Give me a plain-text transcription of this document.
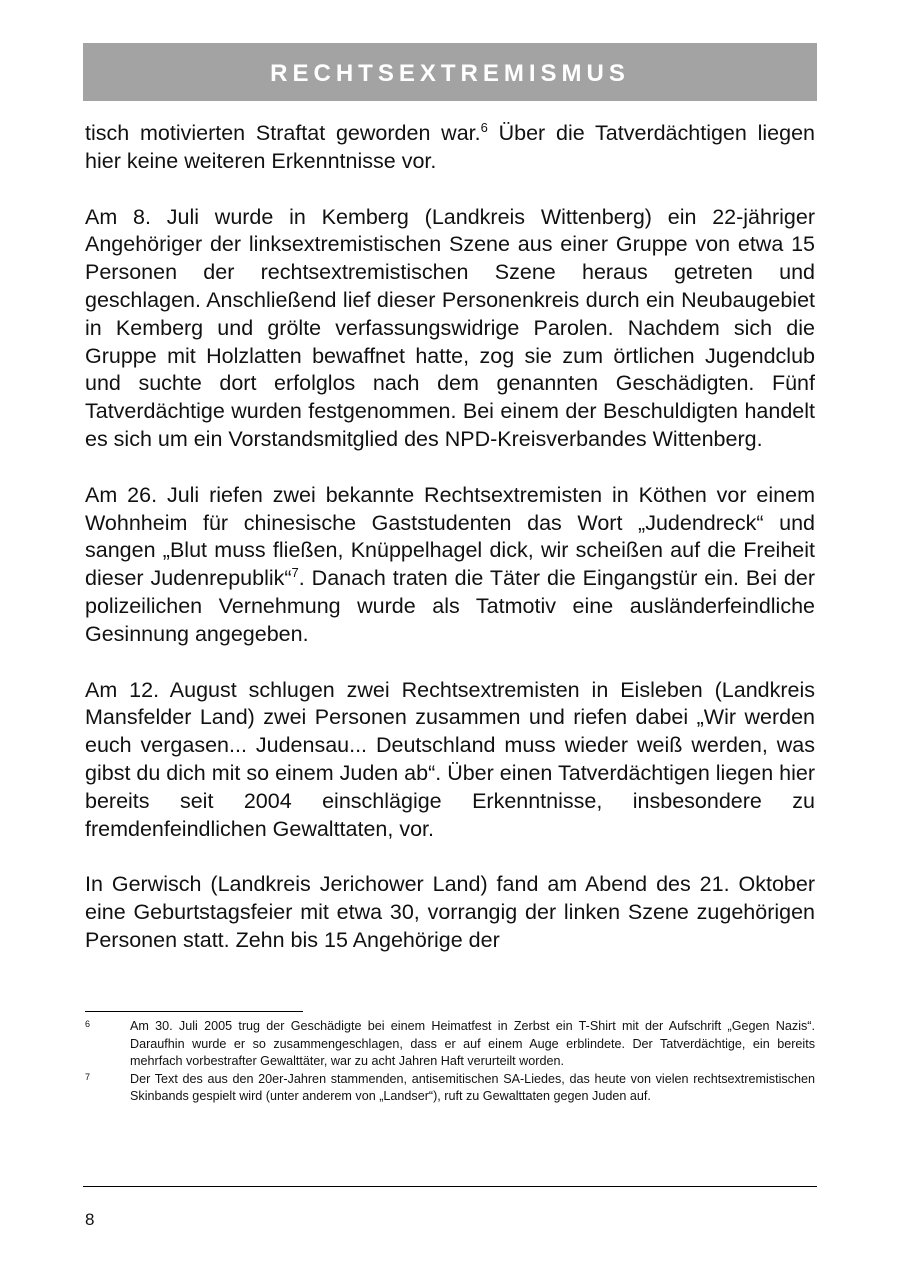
RECHTSEXTREMISMUS

tisch motivierten Straftat geworden war.$^6$ Über die Tatverdächtigen liegen hier keine weiteren Erkenntnisse vor.

Am 8. Juli wurde in Kemberg (Landkreis Wittenberg) ein 22-jähriger Angehöriger der linksextremistischen Szene aus einer Gruppe von etwa 15 Personen der rechtsextremistischen Szene heraus getreten und geschlagen. Anschließend lief dieser Personenkreis durch ein Neubaugebiet in Kemberg und grölte verfassungswidrige Parolen. Nachdem sich die Gruppe mit Holzlatten bewaffnet hatte, zog sie zum örtlichen Jugendclub und suchte dort erfolglos nach dem genannten Geschädigten. Fünf Tatverdächtige wurden festgenommen. Bei einem der Beschuldigten handelt es sich um ein Vorstandsmitglied des NPD-Kreisverbandes Wittenberg.

Am 26. Juli riefen zwei bekannte Rechtsextremisten in Köthen vor einem Wohnheim für chinesische Gaststudenten das Wort „Judendreck“ und sangen „Blut muss fließen, Knüppelhagel dick, wir scheißen auf die Freiheit dieser Judenrepublik“$^7$. Danach traten die Täter die Eingangstür ein. Bei der polizeilichen Vernehmung wurde als Tatmotiv eine ausländerfeindliche Gesinnung angegeben.

Am 12. August schlugen zwei Rechtsextremisten in Eisleben (Landkreis Mansfelder Land) zwei Personen zusammen und riefen dabei „Wir werden euch vergasen... Judensau... Deutschland muss wieder weiß werden, was gibst du dich mit so einem Juden ab“. Über einen Tatverdächtigen liegen hier bereits seit 2004 einschlägige Erkenntnisse, insbesondere zu fremdenfeindlichen Gewalttaten, vor.

In Gerwisch (Landkreis Jerichower Land) fand am Abend des 21. Oktober eine Geburtstagsfeier mit etwa 30, vorrangig der linken Szene zugehörigen Personen statt. Zehn bis 15 Angehörige der

6	Am 30. Juli 2005 trug der Geschädigte bei einem Heimatfest in Zerbst ein T-Shirt mit der Aufschrift „Gegen Nazis“. Daraufhin wurde er so zusammengeschlagen, dass er auf einem Auge erblindete. Der Tatverdächtige, ein bereits mehrfach vorbestrafter Gewalttäter, war zu acht Jahren Haft verurteilt worden.
7	Der Text des aus den 20er-Jahren stammenden, antisemitischen SA-Liedes, das heute von vielen rechtsextremistischen Skinbands gespielt wird (unter anderem von „Landser“), ruft zu Gewalttaten gegen Juden auf.
8
